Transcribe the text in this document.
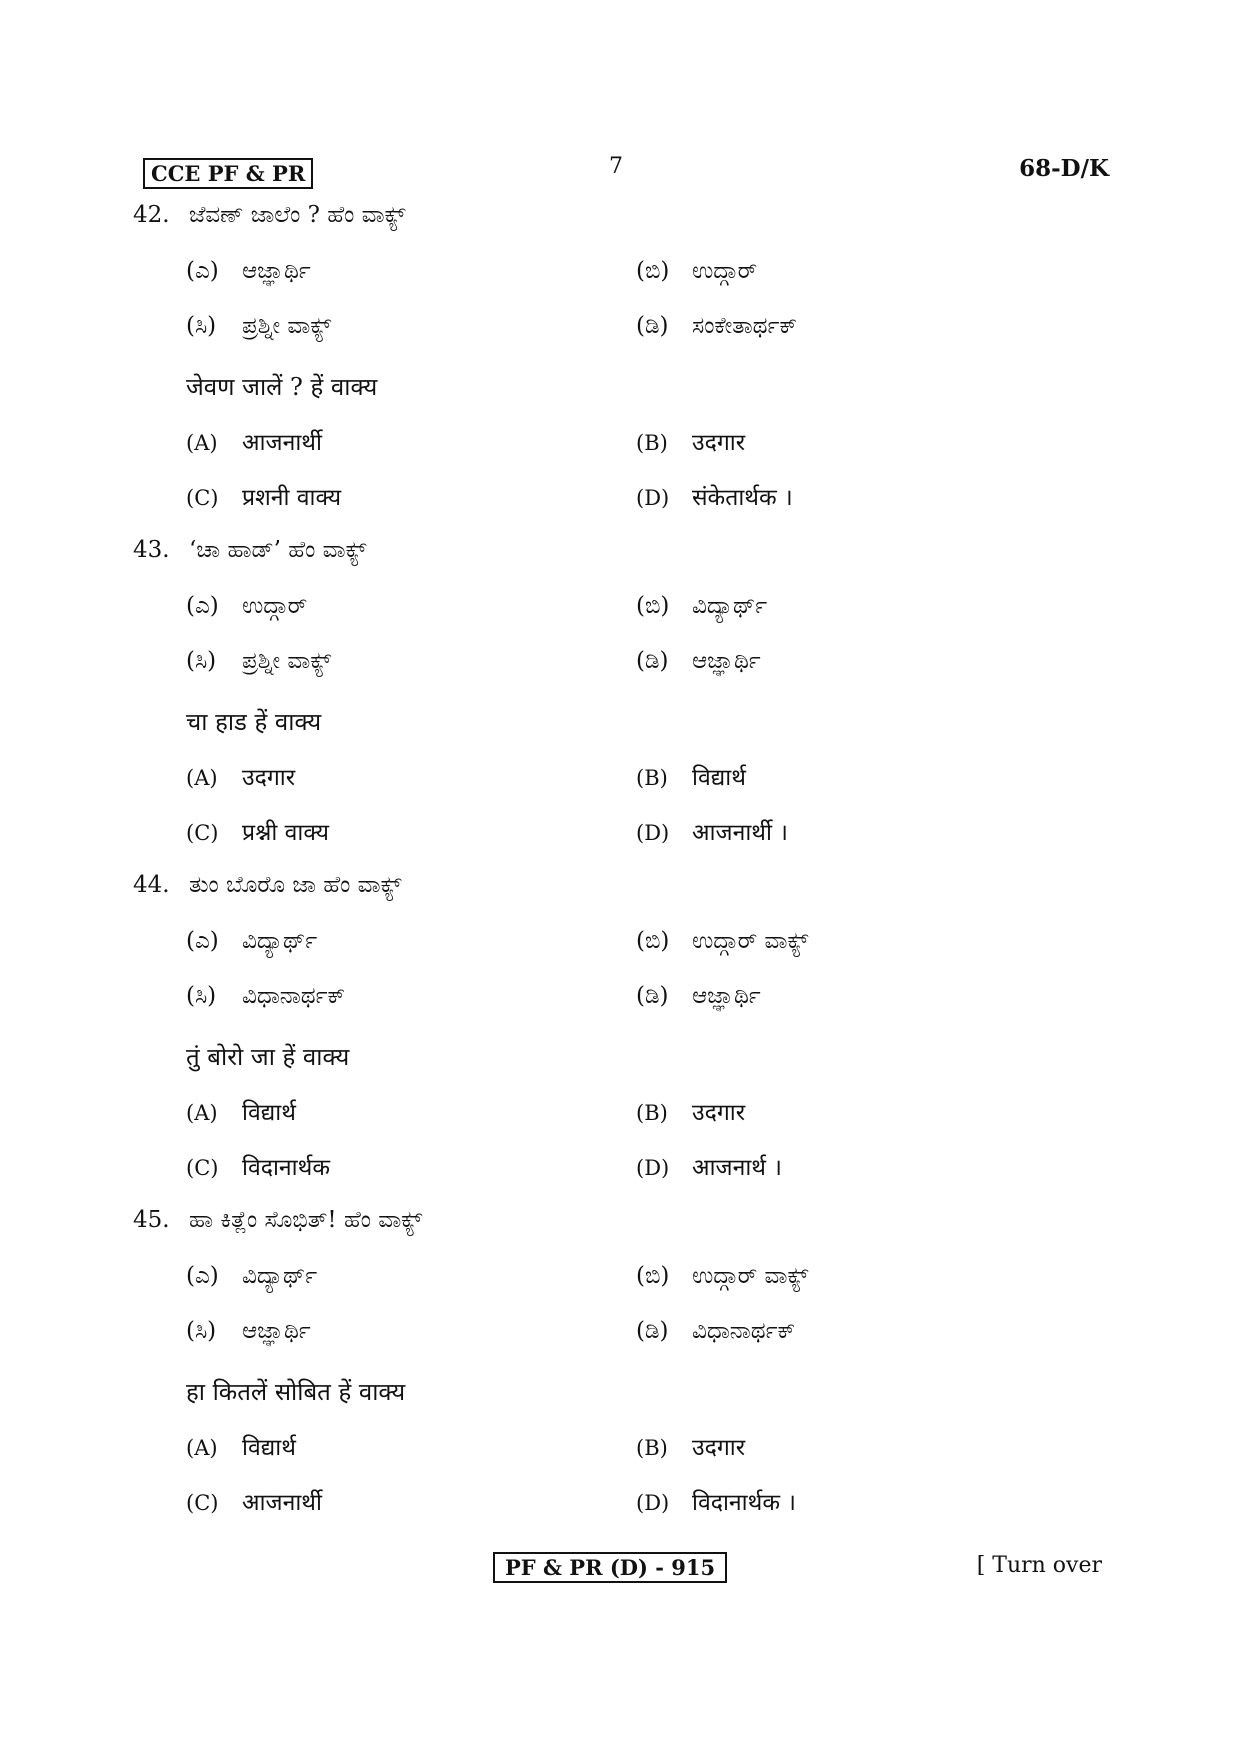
CCE PF & PR	7	68-D/K
42. ಜೆವಣ್ ಜಾಲೆಂ ? ಹೆಂ ವಾಕ್ಯ್
(ಎ) ಆಜ್ಞಾರ್ಥಿ	(ಬಿ) ಉದ್ಗಾರ್
(ಸಿ) ಪ್ರಶ್ನೀ ವಾಕ್ಯ್	(ಡಿ) ಸಂಕೇತಾರ್ಥಕ್
जेवण जालें ? हें वाक्य
(A) आजनार्थी	(B) उदगार
(C) प्रशनी वाक्य	(D) संकेतार्थक ।
43. ‘ಚಾ ಹಾಡ್’ ಹೆಂ ವಾಕ್ಯ್
(ಎ) ಉದ್ಗಾರ್	(ಬಿ) ವಿದ್ಯಾರ್ಥ್
(ಸಿ) ಪ್ರಶ್ನೀ ವಾಕ್ಯ್	(ಡಿ) ಆಜ್ಞಾರ್ಥಿ
चा हाड हें वाक्य
(A) उदगार	(B) विद्यार्थ
(C) प्रश्नी वाक्य	(D) आजनार्थी ।
44. ತುಂ ಬೊರೊ ಜಾ ಹೆಂ ವಾಕ್ಯ್
(ಎ) ವಿದ್ಯಾರ್ಥ್	(ಬಿ) ಉದ್ಗಾರ್ ವಾಕ್ಯ್
(ಸಿ) ವಿಧಾನಾರ್ಥಕ್	(ಡಿ) ಆಜ್ಞಾರ್ಥಿ
तुं बोरो जा हें वाक्य
(A) विद्यार्थ	(B) उदगार
(C) विदानार्थक	(D) आजनार्थ ।
45. ಹಾ ಕಿತ್ಲೆಂ ಸೊಭಿತ್! ಹೆಂ ವಾಕ್ಯ್
(ಎ) ವಿದ್ಯಾರ್ಥ್	(ಬಿ) ಉದ್ಗಾರ್ ವಾಕ್ಯ್
(ಸಿ) ಆಜ್ಞಾರ್ಥಿ	(ಡಿ) ವಿಧಾನಾರ್ಥಕ್
हा कितलें सोबित हें वाक्य
(A) विद्यार्थ	(B) उदगार
(C) आजनार्थी	(D) विदानार्थक ।
PF & PR (D) - 915	[ Turn over
